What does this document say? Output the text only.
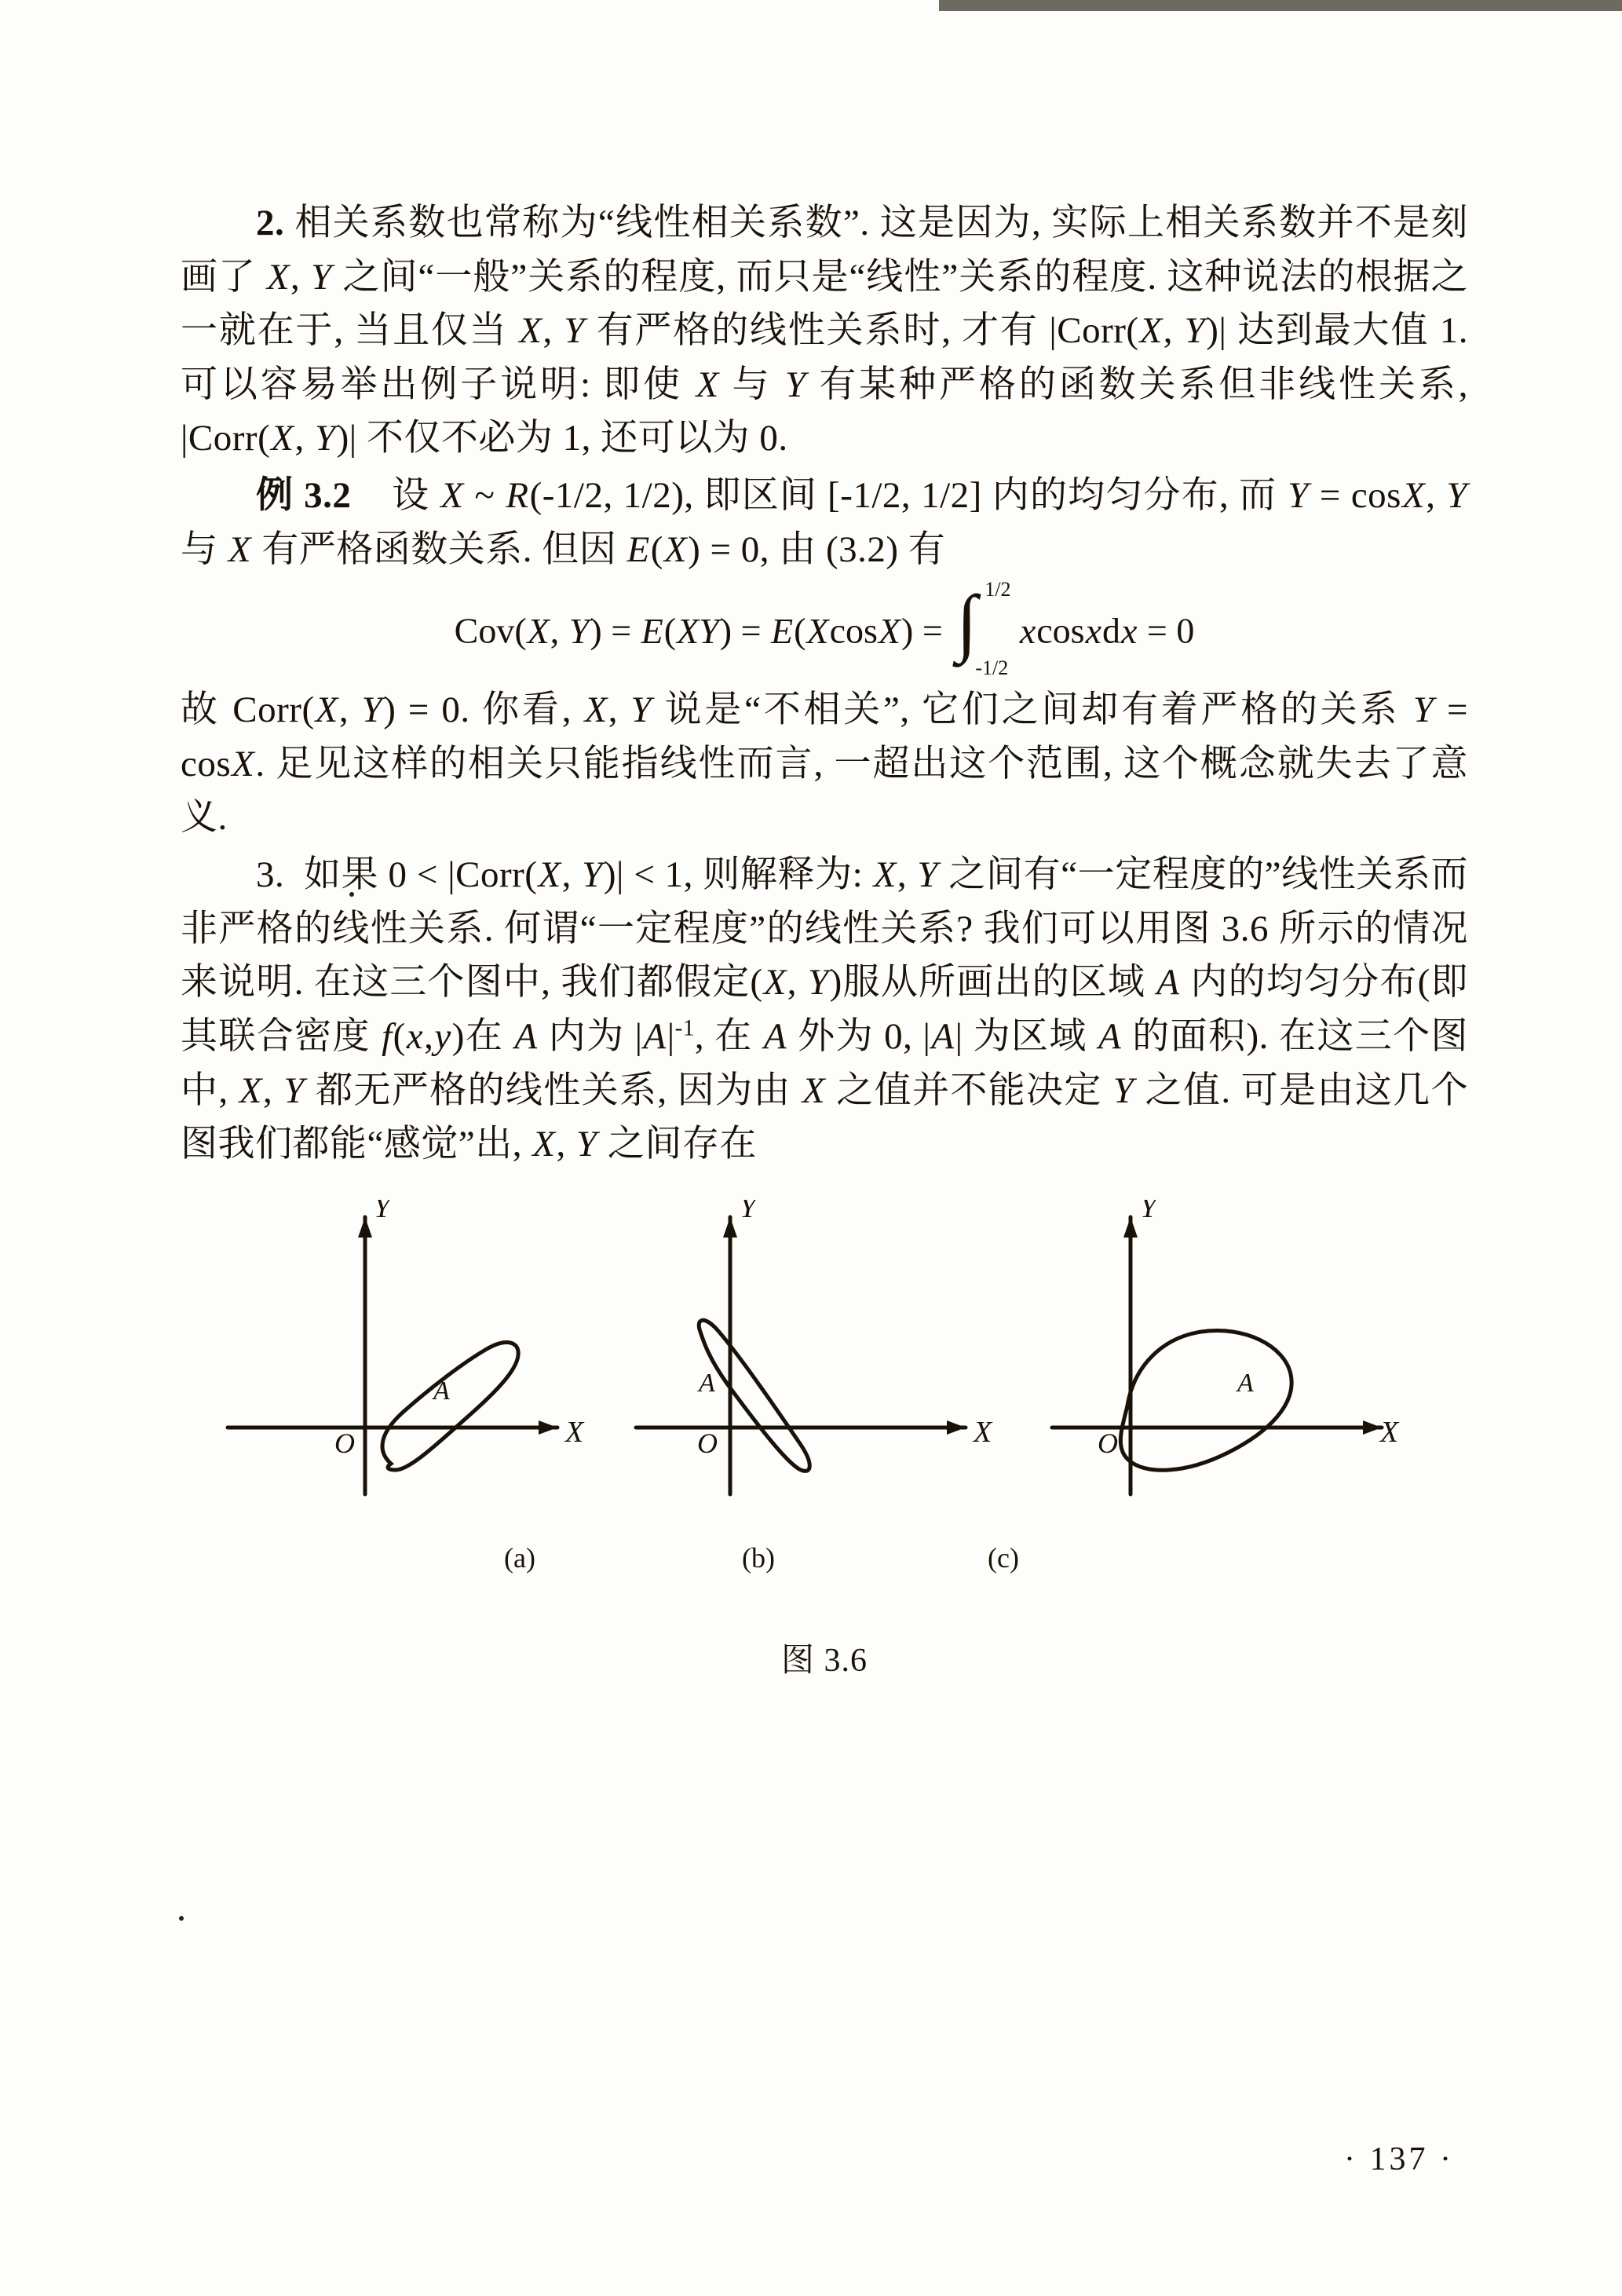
2. 相关系数也常称为“线性相关系数”. 这是因为, 实际上相关系数并不是刻画了 X, Y 之间“一般”关系的程度, 而只是“线性”关系的程度. 这种说法的根据之一就在于, 当且仅当 X, Y 有严格的线性关系时, 才有 |Corr(X, Y)| 达到最大值 1. 可以容易举出例子说明: 即使 X 与 Y 有某种严格的函数关系但非线性关系, |Corr(X, Y)| 不仅不必为 1, 还可以为 0.

例 3.2    设 X ~ R(-1/2, 1/2), 即区间 [-1/2, 1/2] 内的均匀分布, 而 Y = cosX, Y 与 X 有严格函数关系. 但因 E(X) = 0, 由 (3.2) 有

Cov(X, Y) = E(XY) = E(XcosX) = ∫ 1/2
-1/2
xcosxdx = 0

故 Corr(X, Y) = 0. 你看, X, Y 说是“不相关”, 它们之间却有着严格的关系 Y = cosX. 足见这样的相关只能指线性而言, 一超出这个范围, 这个概念就失去了意义.

3.  如果 0 < |Corr(X, Y)| < 1, 则解释为: X, Y 之间有“一定程度的”线性关系而非严格的线性关系. 何谓“一定程度”的线性关系? 我们可以用图 3.6 所示的情况来说明. 在这三个图中, 我们都假定(X, Y)服从所画出的区域 A 内的均匀分布(即其联合密度 f(x,y)在 A 内为 $|A|^{-1}$, 在 A 外为 0, |A| 为区域 A 的面积). 在这三个图中, X, Y 都无严格的线性关系, 因为由 X 之值并不能决定 Y 之值. 可是由这几个图我们都能“感觉”出, X, Y 之间存在

X
Y
O
A
X
Y
O
A
X
Y
O
A
(a)	(b)	(c)
图 3.6
· 137 ·
